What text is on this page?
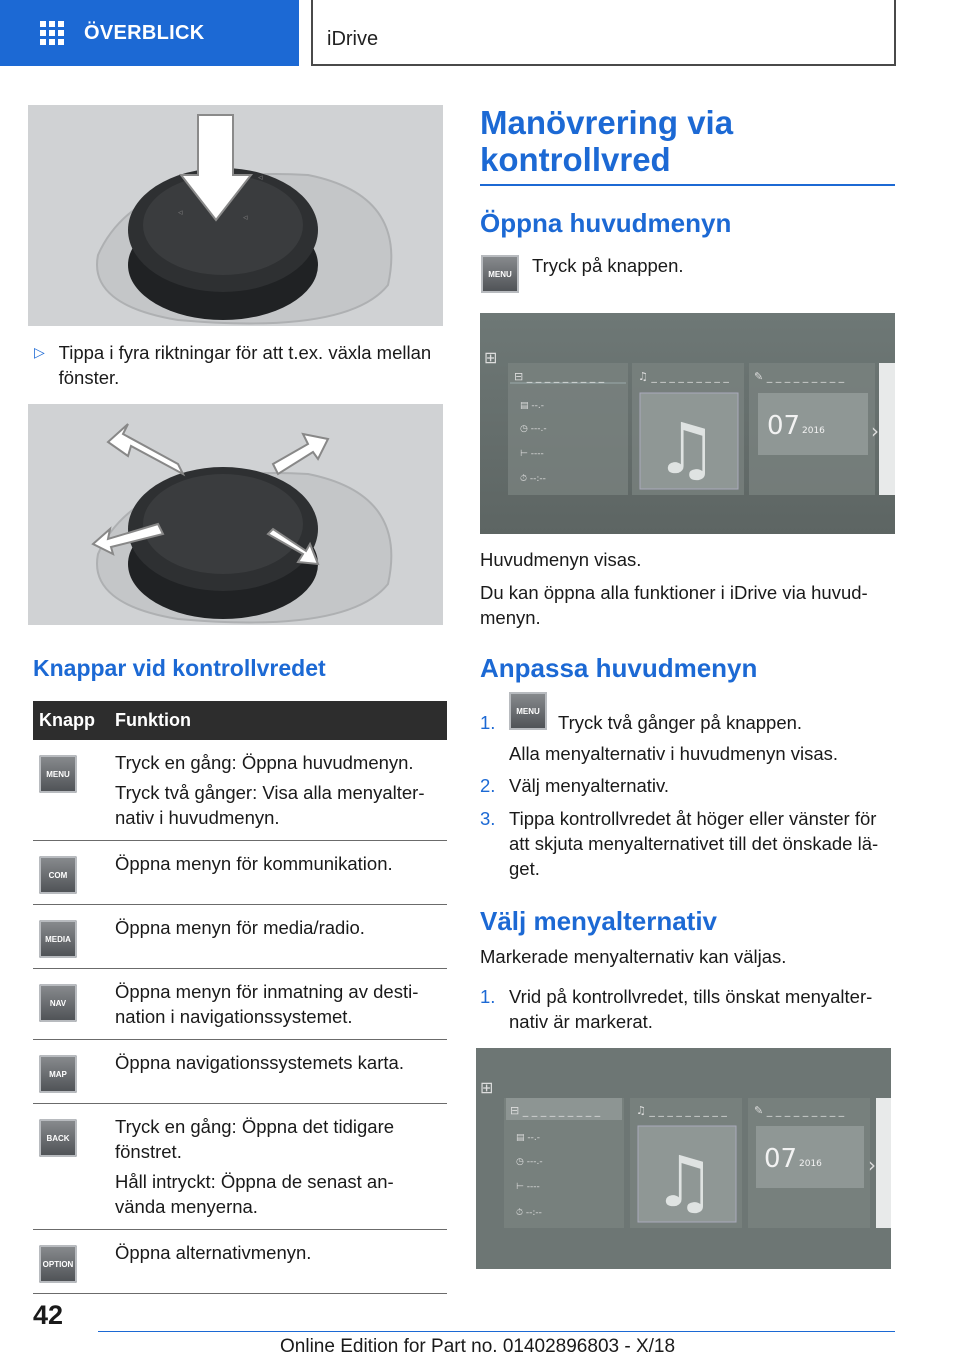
ÖVERBLICK	iDrive
◃
◃
◃
▷ Tippa i fyra riktningar för att t.ex. växla mellan fönster.
Knappar vid kontrollvredet
Knapp	Funktion

MENU	Tryck en gång: Öppna huvudmenyn.

Tryck två gånger: Visa alla menyalter-nativ i huvudmenyn.

COM	Öppna menyn för kommunikation.

MEDIA	Öppna menyn för media/radio.

NAV	Öppna menyn för inmatning av desti-nation i navigationssystemet.

MAP	Öppna navigationssystemets karta.

BACK	Tryck en gång: Öppna det tidigare fönstret.

Håll intryckt: Öppna de senast an-vända menyerna.

OPTION	Öppna alternativmenyn.

Manövrering via kontrollvred
Öppna huvudmenyn
MENU	Tryck på knappen.
⊞
⊟ _ _ _ _ _ _ _ _ _
▤ --.-
◷ ---.-
⊢ ----
⏱ --:--
♫ _ _ _ _ _ _ _ _ _
♫
✎ _ _ _ _ _ _ _ _ _
07 2016 ›
Huvudmenyn visas.
Du kan öppna alla funktioner i iDrive via huvud-menyn.
Anpassa huvudmenyn
1.
MENU
Tryck två gånger på knappen.
Alla menyalternativ i huvudmenyn visas.
2. Välj menyalternativ.
3. Tippa kontrollvredet åt höger eller vänster för att skjuta menyalternativet till det önskade lä-get.
Välj menyalternativ
Markerade menyalternativ kan väljas.
1. Vrid på kontrollvredet, tills önskat menyalter-nativ är markerat.
⊞
⊟ _ _ _ _ _ _ _ _ _
▤ --.-
◷ ---.-
⊢ ----
⏱ --:--
♫ _ _ _ _ _ _ _ _ _
♫
✎ _ _ _ _ _ _ _ _ _
07 2016 ›
42
Online Edition for Part no. 01402896803 - X/18
